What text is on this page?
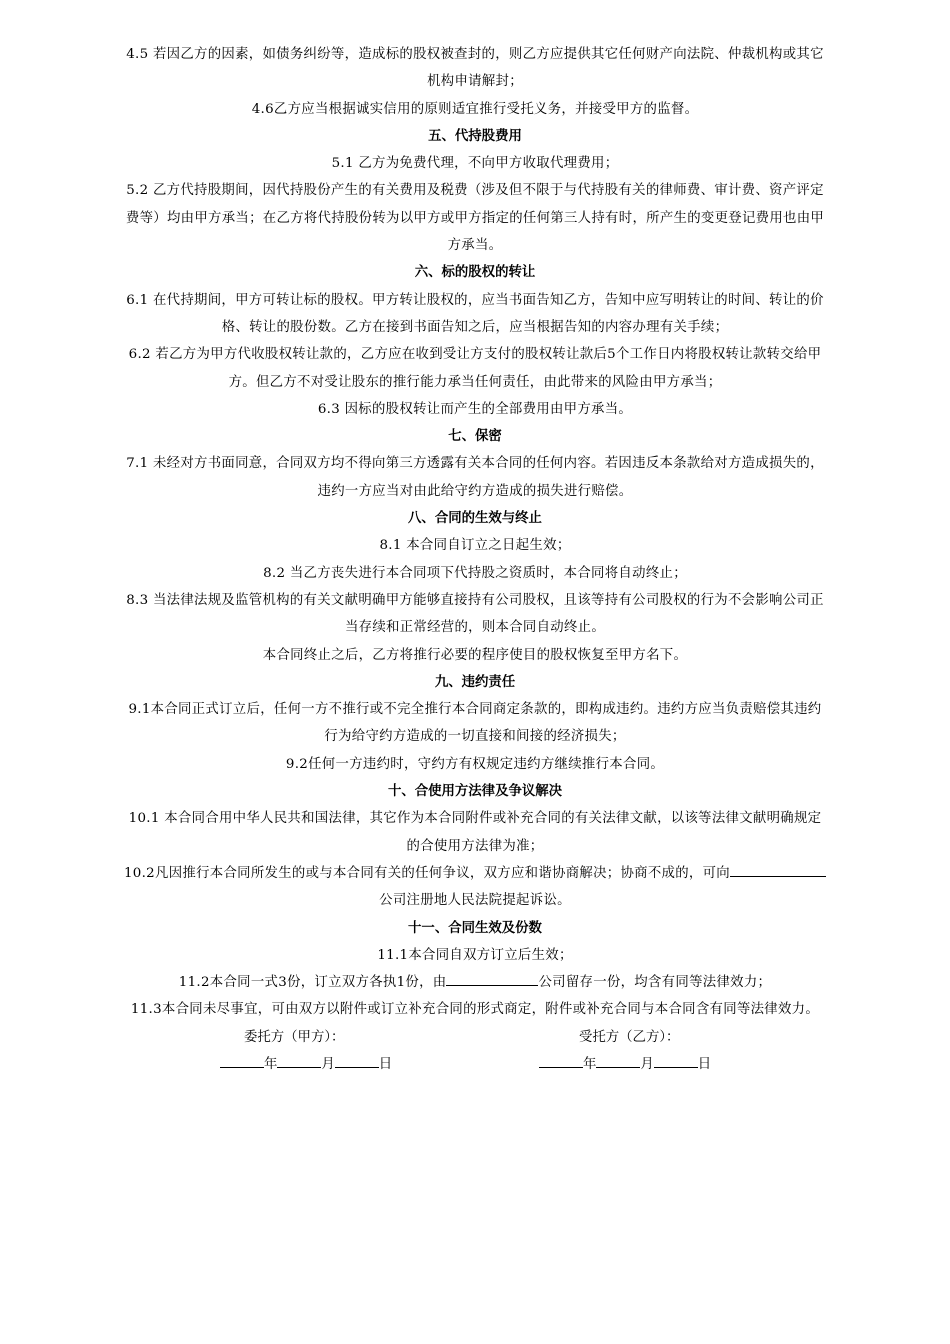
4.5 若因乙方的因素，如债务纠纷等，造成标的股权被查封的，则乙方应提供其它任何财产向法院、仲裁机构或其它
机构申请解封；

4.6乙方应当根据诚实信用的原则适宜推行受托义务，并接受甲方的监督。

五、代持股费用

5.1 乙方为免费代理，不向甲方收取代理费用；

5.2 乙方代持股期间，因代持股份产生的有关费用及税费（涉及但不限于与代持股有关的律师费、审计费、资产评定
费等）均由甲方承当；在乙方将代持股份转为以甲方或甲方指定的任何第三人持有时，所产生的变更登记费用也由甲
方承当。

六、标的股权的转让

6.1 在代持期间，甲方可转让标的股权。甲方转让股权的，应当书面告知乙方，告知中应写明转让的时间、转让的价
格、转让的股份数。乙方在接到书面告知之后，应当根据告知的内容办理有关手续；

6.2 若乙方为甲方代收股权转让款的，乙方应在收到受让方支付的股权转让款后5个工作日内将股权转让款转交给甲
方。但乙方不对受让股东的推行能力承当任何责任，由此带来的风险由甲方承当；

6.3 因标的股权转让而产生的全部费用由甲方承当。

七、保密

7.1 未经对方书面同意，合同双方均不得向第三方透露有关本合同的任何内容。若因违反本条款给对方造成损失的，
违约一方应当对由此给守约方造成的损失进行赔偿。

八、合同的生效与终止

8.1 本合同自订立之日起生效；

8.2 当乙方丧失进行本合同项下代持股之资质时，本合同将自动终止；

8.3 当法律法规及监管机构的有关文献明确甲方能够直接持有公司股权，且该等持有公司股权的行为不会影响公司正
当存续和正常经营的，则本合同自动终止。

本合同终止之后，乙方将推行必要的程序使目的股权恢复至甲方名下。

九、违约责任

9.1本合同正式订立后，任何一方不推行或不完全推行本合同商定条款的，即构成违约。违约方应当负责赔偿其违约
行为给守约方造成的一切直接和间接的经济损失；

9.2任何一方违约时，守约方有权规定违约方继续推行本合同。

十、合使用方法律及争议解决

10.1 本合同合用中华人民共和国法律，其它作为本合同附件或补充合同的有关法律文献，以该等法律文献明确规定
的合使用方法律为准；

10.2凡因推行本合同所发生的或与本合同有关的任何争议，双方应和谐协商解决；协商不成的，可向
公司注册地人民法院提起诉讼。

十一、合同生效及份数

11.1本合同自双方订立后生效；

11.2本合同一式3份，订立双方各执1份，由	公司留存一份，均含有同等法律效力；

11.3本合同未尽事宜，可由双方以附件或订立补充合同的形式商定，附件或补充合同与本合同含有同等法律效力。

委托方（甲方）：	受托方（乙方）：
年	月	日	年	月	日
